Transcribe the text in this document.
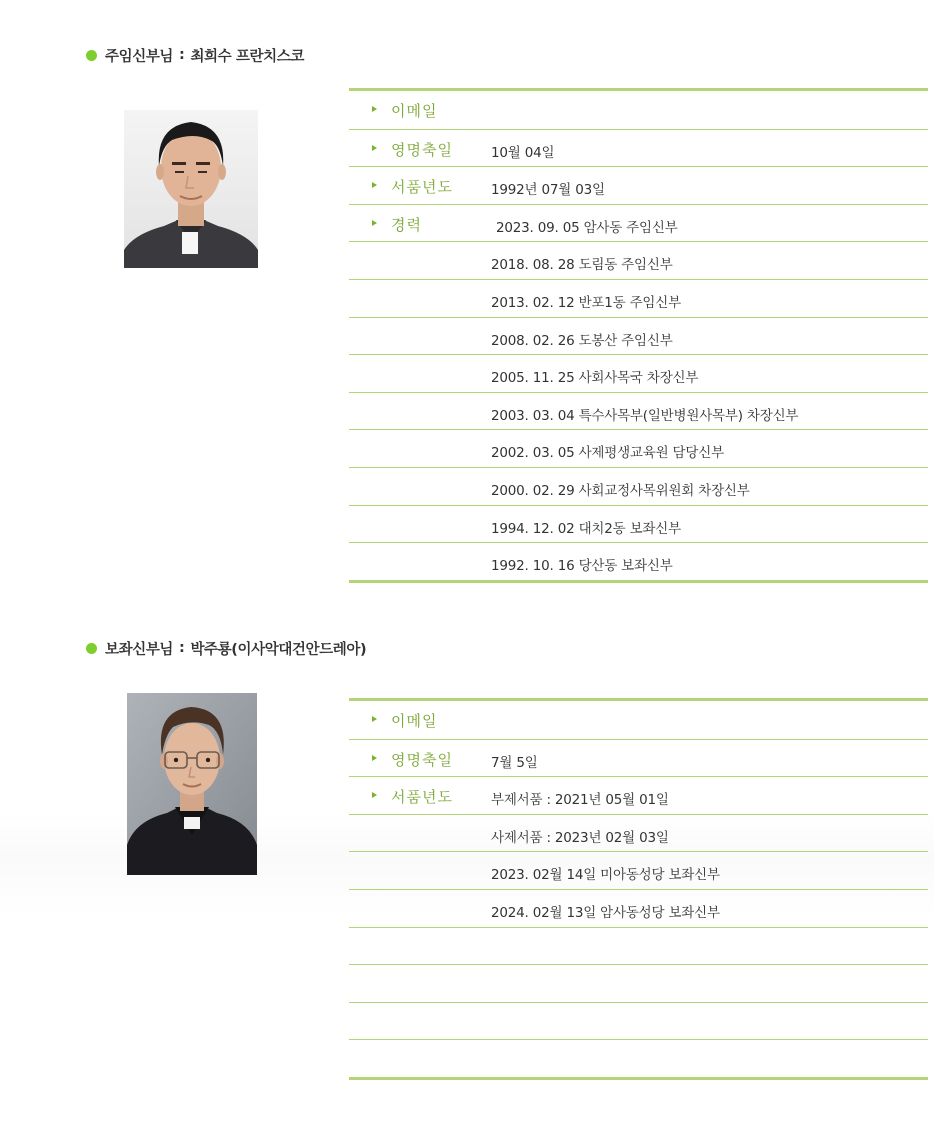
주임신부님 : 최희수 프란치스코
이메일
영명축일	10월 04일
서품년도	1992년 07월 03일
경력	2023. 09. 05 암사동 주임신부
2018. 08. 28 도림동 주임신부
2013. 02. 12 반포1동 주임신부
2008. 02. 26 도봉산 주임신부
2005. 11. 25 사회사목국 차장신부
2003. 03. 04 특수사목부(일반병원사목부) 차장신부
2002. 03. 05 사제평생교육원 담당신부
2000. 02. 29 사회교정사목위원회 차장신부
1994. 12. 02 대치2동 보좌신부
1992. 10. 16 당산동 보좌신부
보좌신부님 : 박주룡(이사악대건안드레아)
이메일
영명축일	7월 5일
서품년도	부제서품 : 2021년 05월 01일
사제서품 : 2023년 02월 03일
2023. 02월 14일 미아동성당 보좌신부
2024. 02월 13일 암사동성당 보좌신부
